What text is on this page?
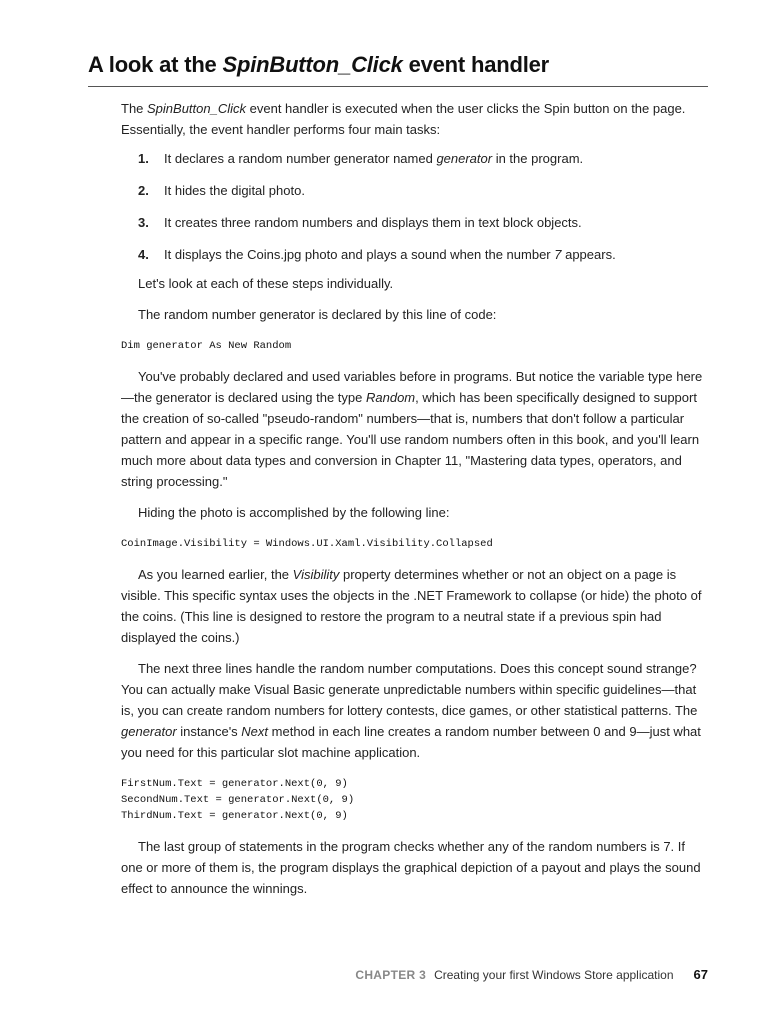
A look at the SpinButton_Click event handler

The SpinButton_Click event handler is executed when the user clicks the Spin button on the page. Essentially, the event handler performs four main tasks:

1. It declares a random number generator named generator in the program.
2. It hides the digital photo.
3. It creates three random numbers and displays them in text block objects.
4. It displays the Coins.jpg photo and plays a sound when the number 7 appears.

Let's look at each of these steps individually.

The random number generator is declared by this line of code:

Dim generator As New Random

You've probably declared and used variables before in programs. But notice the variable type here—the generator is declared using the type Random, which has been specifically designed to support the creation of so-called "pseudo-random" numbers—that is, numbers that don't follow a particular pattern and appear in a specific range. You'll use random numbers often in this book, and you'll learn much more about data types and conversion in Chapter 11, "Mastering data types, operators, and string processing."

Hiding the photo is accomplished by the following line:

CoinImage.Visibility = Windows.UI.Xaml.Visibility.Collapsed

As you learned earlier, the Visibility property determines whether or not an object on a page is visible. This specific syntax uses the objects in the .NET Framework to collapse (or hide) the photo of the coins. (This line is designed to restore the program to a neutral state if a previous spin had displayed the coins.)

The next three lines handle the random number computations. Does this concept sound strange? You can actually make Visual Basic generate unpredictable numbers within specific guidelines—that is, you can create random numbers for lottery contests, dice games, or other statistical patterns. The generator instance's Next method in each line creates a random number between 0 and 9—just what you need for this particular slot machine application.

FirstNum.Text = generator.Next(0, 9)
SecondNum.Text = generator.Next(0, 9)
ThirdNum.Text = generator.Next(0, 9)

The last group of statements in the program checks whether any of the random numbers is 7. If one or more of them is, the program displays the graphical depiction of a payout and plays the sound effect to announce the winnings.

CHAPTER 3 Creating your first Windows Store application 67
